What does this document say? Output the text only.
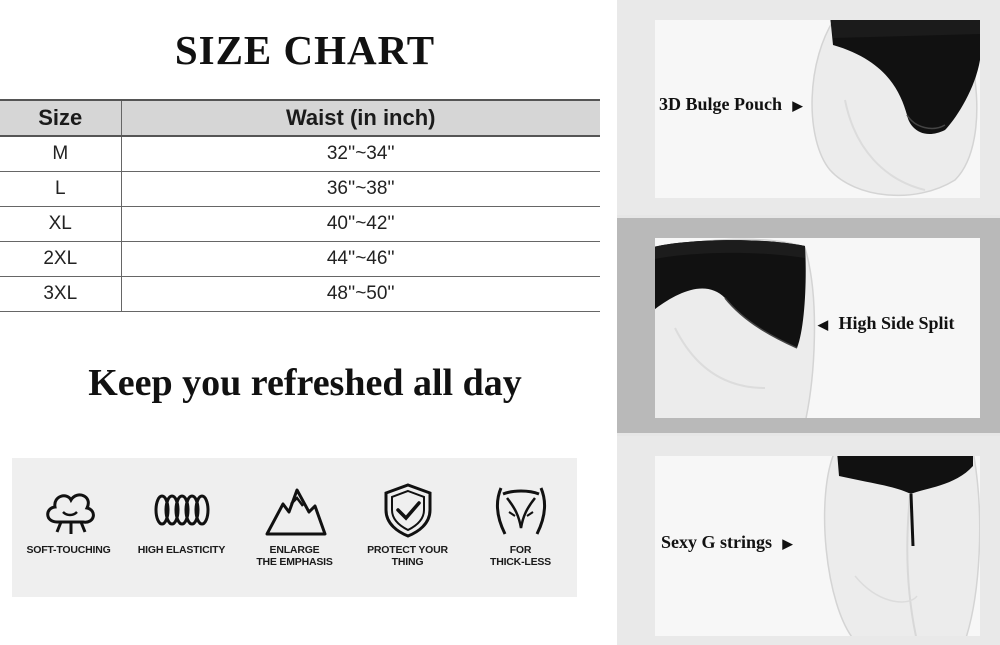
SIZE CHART
Size	Waist (in inch)
M	32''~34''
L	36''~38''
XL	40''~42''
2XL	44''~46''
3XL	48''~50''
Keep you refreshed all day
SOFT-TOUCHING	HIGH ELASTICITY	ENLARGE
THE EMPHASIS
PROTECT YOUR
THING
FOR
THICK-LESS
3D Bulge Pouch ▶
◀ High Side Split
Sexy G strings ▶
